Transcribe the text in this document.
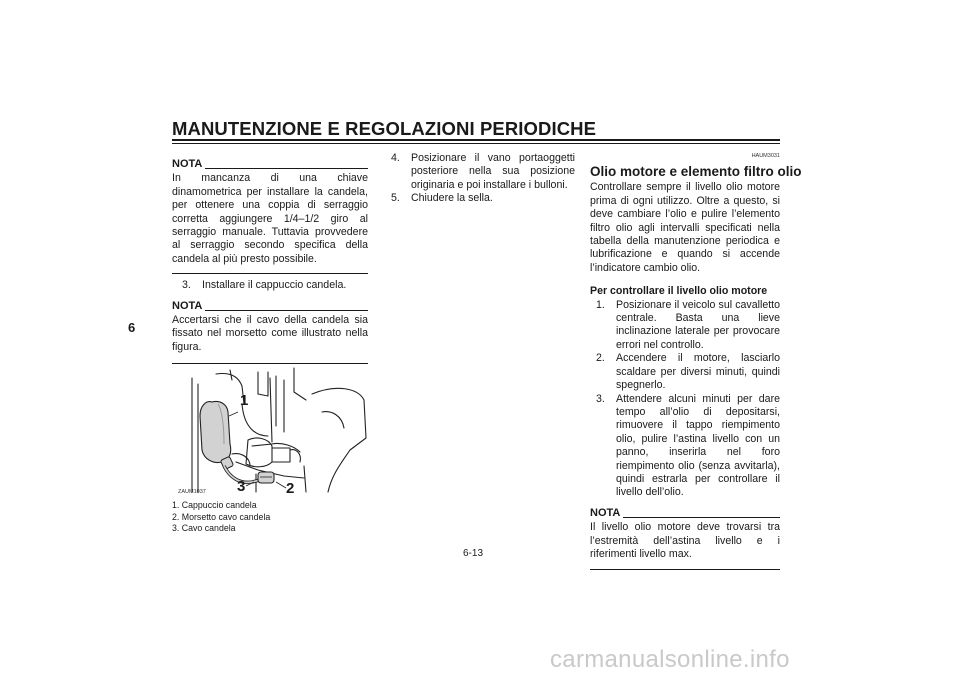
MANUTENZIONE E REGOLAZIONI PERIODICHE
6
NOTA
In mancanza di una chiave dinamometrica per installare la candela, per ottenere una coppia di serraggio corretta aggiungere 1/4–1/2 giro al serraggio manuale. Tuttavia provvedere al serraggio secondo specifica della candela al più presto possibile.
3.	Installare il cappuccio candela.
NOTA
Accertarsi che il cavo della candela sia fissato nel morsetto come illustrato nella figura.
1
2
3
ZAUM1037
1. Cappuccio candela
2. Morsetto cavo candela
3. Cavo candela
4.	Posizionare il vano portaoggetti posteriore nella sua posizione originaria e poi installare i bulloni.
5.	Chiudere la sella.
HAUM3031
Olio motore e elemento filtro olio
Controllare sempre il livello olio motore prima di ogni utilizzo. Oltre a questo, si deve cambiare l’olio e pulire l’elemento filtro olio agli intervalli specificati nella tabella della manutenzione periodica e lubrificazione e quando si accende l’indicatore cambio olio.
Per controllare il livello olio motore
1.	Posizionare il veicolo sul cavalletto centrale. Basta una lieve inclinazione laterale per provocare errori nel controllo.
2.	Accendere il motore, lasciarlo scaldare per diversi minuti, quindi spegnerlo.
3.	Attendere alcuni minuti per dare tempo all’olio di depositarsi, rimuovere il tappo riempimento olio, pulire l’astina livello con un panno, inserirla nel foro riempimento olio (senza avvitarla), quindi estrarla per controllare il livello dell’olio.
NOTA
Il livello olio motore deve trovarsi tra l’estremità dell’astina livello e i riferimenti livello max.
6-13
carmanualsonline.info
